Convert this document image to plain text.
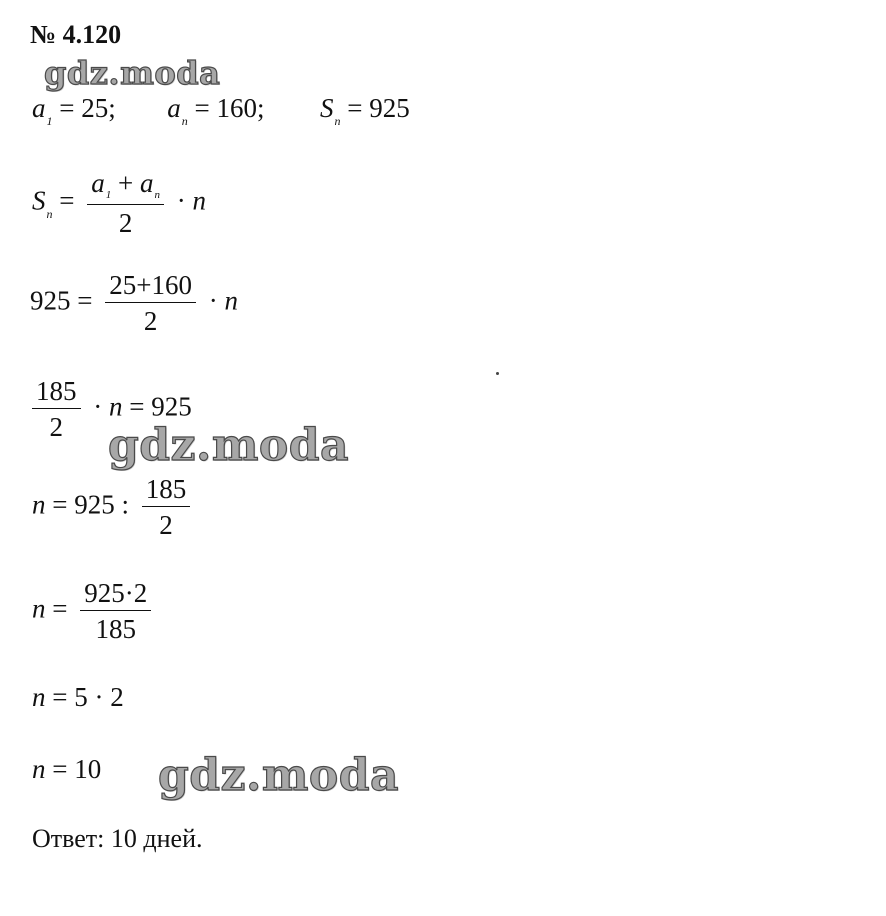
№ 4.120
gdz.moda
$a_1 = 25$; $a_n = 160$; $S_n = 925$
$S_n = \frac{a_1 + a_n}{2} \cdot n$
$925 = \frac{25+160}{2} \cdot n$
$\frac{185}{2} \cdot n = 925$
gdz.moda
n = 925 : $\frac{185}{2}$
$n = \frac{925\cdot 2}{185}$
n = 5 · 2
n = 10 gdz.moda
Ответ: 10 дней.
